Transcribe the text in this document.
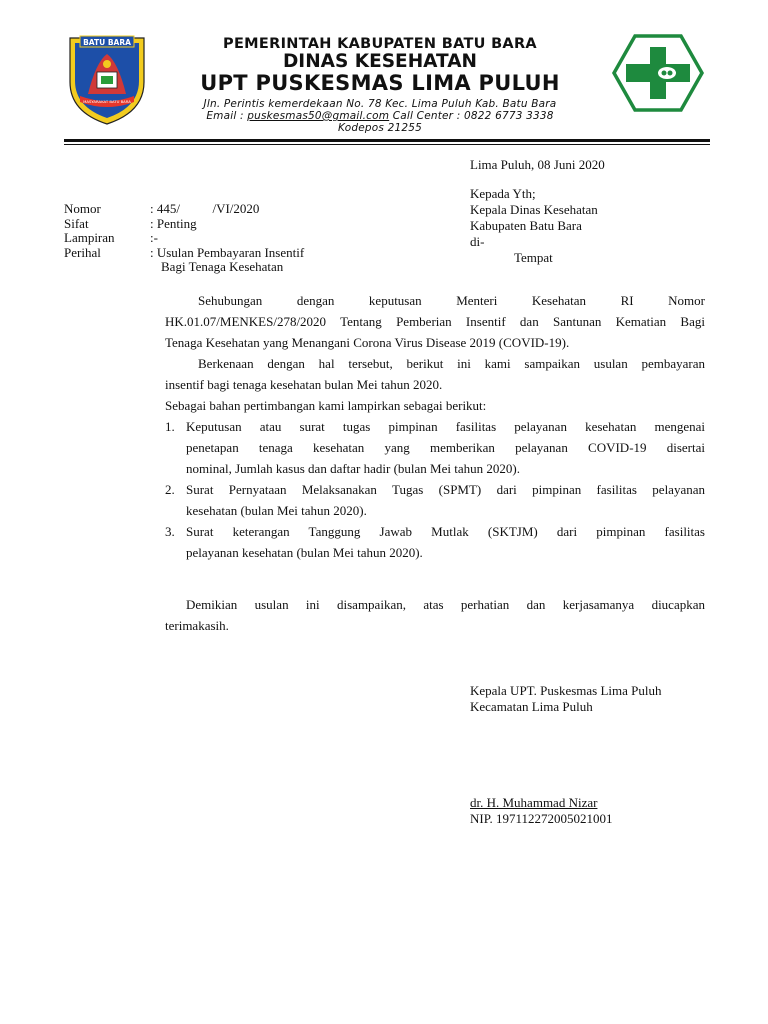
BATU BARA
MASYARAKAT BATU BARA
PEMERINTAH KABUPATEN BATU BARA
DINAS KESEHATAN
UPT PUSKESMAS LIMA PULUH
Jln. Perintis kemerdekaan No. 78 Kec. Lima Puluh Kab. Batu Bara
Email : puskesmas50@gmail.com Call Center : 0822 6773 3338
Kodepos 21255
Lima Puluh, 08 Juni 2020
Kepada Yth;
Kepala Dinas Kesehatan
Kabupaten Batu Bara
di-
Tempat
Nomor	: 445/          /VI/2020
Sifat	: Penting
Lampiran	:-
Perihal	: Usulan Pembayaran Insentif
Bagi Tenaga Kesehatan
Sehubungan	dengan	keputusan	Menteri	Kesehatan	RI	Nomor
HK.01.07/MENKES/278/2020 Tentang Pemberian Insentif dan Santunan Kematian Bagi
Tenaga Kesehatan yang Menangani Corona Virus Disease 2019 (COVID-19).
Berkenaan dengan hal tersebut, berikut ini kami sampaikan usulan pembayaran
insentif bagi tenaga kesehatan bulan Mei tahun 2020.
Sebagai bahan pertimbangan kami lampirkan sebagai berikut:
1. Keputusan atau surat tugas pimpinan fasilitas pelayanan kesehatan mengenai
penetapan tenaga kesehatan yang memberikan pelayanan COVID-19 disertai
nominal, Jumlah kasus dan daftar hadir (bulan Mei tahun 2020).
2. Surat Pernyataan Melaksanakan Tugas (SPMT) dari pimpinan fasilitas pelayanan
kesehatan (bulan Mei tahun 2020).
3. Surat keterangan Tanggung Jawab Mutlak (SKTJM) dari pimpinan fasilitas
pelayanan kesehatan (bulan Mei tahun 2020).
Demikian usulan ini disampaikan, atas perhatian dan kerjasamanya diucapkan
terimakasih.
Kepala UPT. Puskesmas Lima Puluh
Kecamatan Lima Puluh
dr. H. Muhammad Nizar
NIP. 197112272005021001
